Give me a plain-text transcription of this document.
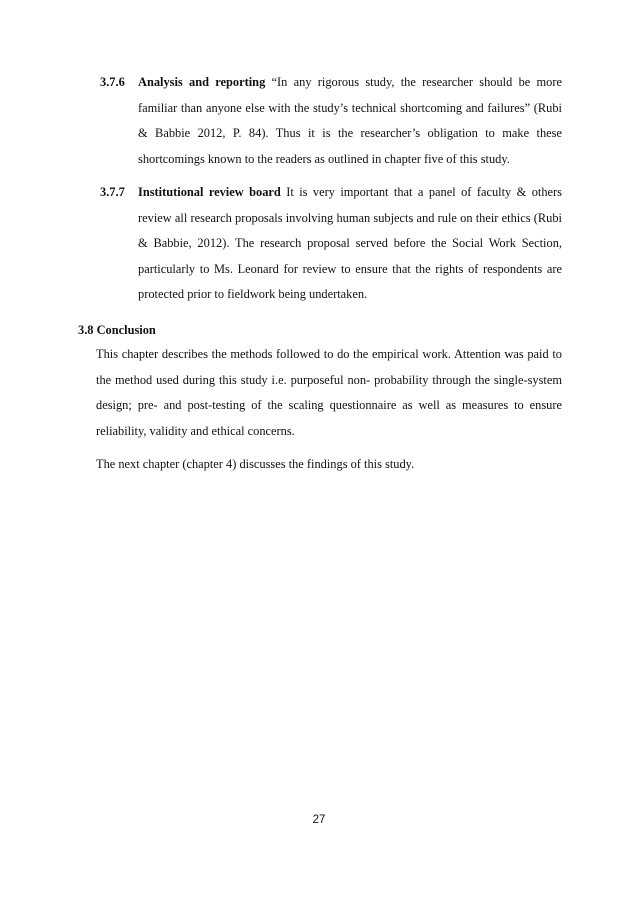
3.7.6 Analysis and reporting “In any rigorous study, the researcher should be more familiar than anyone else with the study’s technical shortcoming and failures” (Rubi & Babbie 2012, P. 84). Thus it is the researcher’s obligation to make these shortcomings known to the readers as outlined in chapter five of this study.
3.7.7 Institutional review board It is very important that a panel of faculty & others review all research proposals involving human subjects and rule on their ethics (Rubi & Babbie, 2012). The research proposal served before the Social Work Section, particularly to Ms. Leonard for review to ensure that the rights of respondents are protected prior to fieldwork being undertaken.
3.8 Conclusion

This chapter describes the methods followed to do the empirical work. Attention was paid to the method used during this study i.e. purposeful non- probability through the single-system design; pre- and post-testing of the scaling questionnaire as well as measures to ensure reliability, validity and ethical concerns.

The next chapter (chapter 4) discusses the findings of this study.

27
